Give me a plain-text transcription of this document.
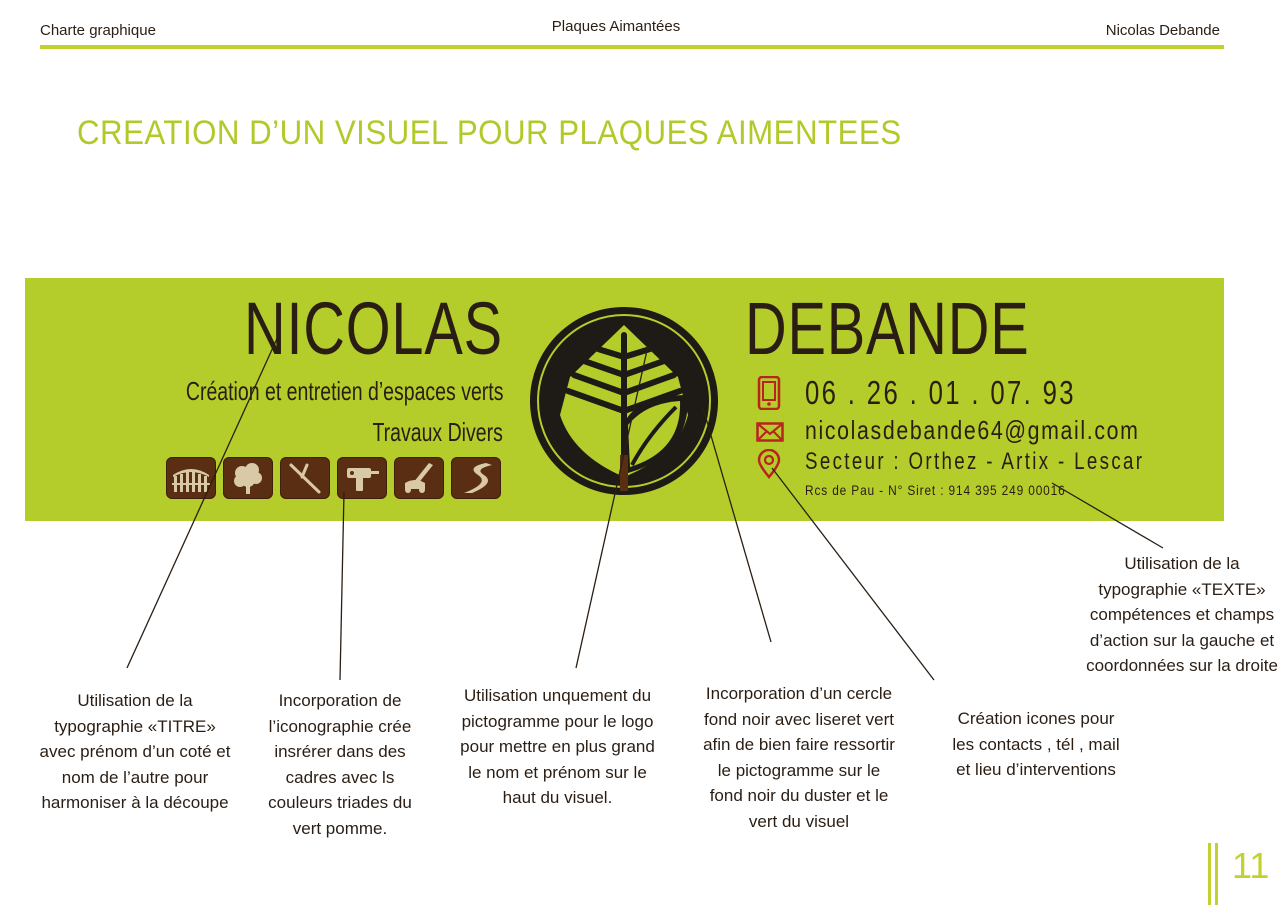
Charte graphique	Plaques Aimantées	Nicolas Debande
CREATION D’UN VISUEL POUR PLAQUES AIMENTEES
NICOLAS	DEBANDE
Création et entretien d’espaces verts
Travaux Divers
06 . 26 . 01 . 07. 93
nicolasdebande64@gmail.com
Secteur : Orthez - Artix - Lescar
Rcs de Pau - N° Siret : 914 395 249 00016
Utilisation de la typographie «TITRE» avec prénom d’un coté et nom de l’autre pour harmoniser à la découpe
Incorporation de l’iconographie crée insrérer dans des cadres avec ls couleurs triades du vert pomme.
Utilisation unquement du pictogramme pour le logo pour mettre en plus grand le nom et prénom sur le haut du visuel.
Incorporation d’un cercle fond noir avec liseret vert afin de bien faire ressortir le pictogramme sur le fond noir du duster et le vert du visuel
Création icones pour les contacts , tél , mail et lieu d’interventions
Utilisation de la typographie «TEXTE» compétences et champs d’action sur la gauche et coordonnées sur la droite
11
